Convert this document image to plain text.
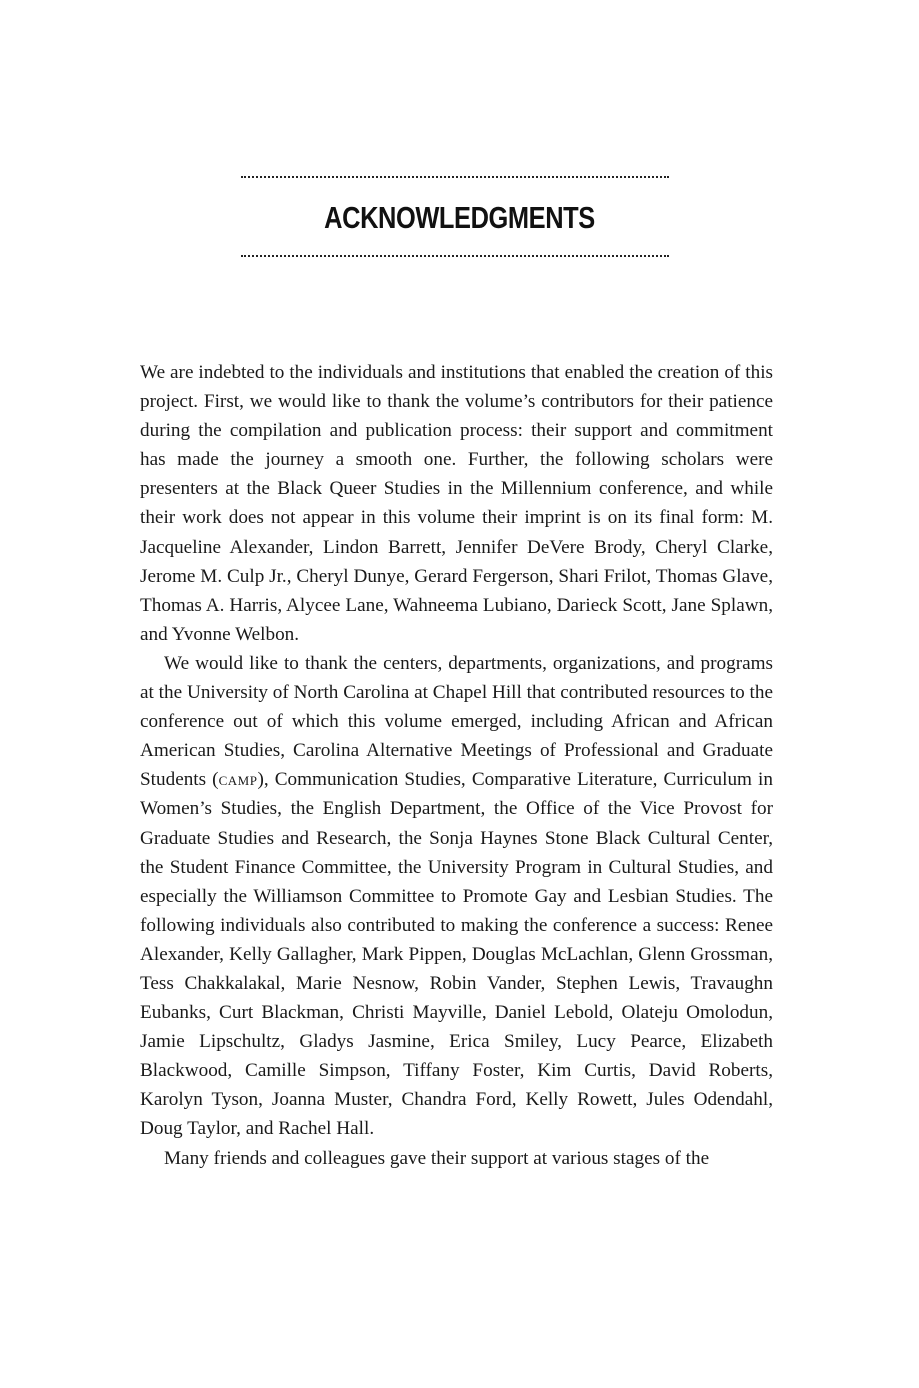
ACKNOWLEDGMENTS

We are indebted to the individuals and institutions that enabled the creation of this project. First, we would like to thank the volume’s contributors for their patience during the compilation and publication process: their support and commitment has made the journey a smooth one. Further, the following scholars were presenters at the Black Queer Studies in the Millennium conference, and while their work does not appear in this volume their imprint is on its final form: M. Jacqueline Alexander, Lindon Barrett, Jennifer DeVere Brody, Cheryl Clarke, Jerome M. Culp Jr., Cheryl Dunye, Gerard Fergerson, Shari Frilot, Thomas Glave, Thomas A. Harris, Alycee Lane, Wahneema Lubiano, Darieck Scott, Jane Splawn, and Yvonne Welbon.

We would like to thank the centers, departments, organizations, and programs at the University of North Carolina at Chapel Hill that contributed resources to the conference out of which this volume emerged, including African and African American Studies, Carolina Alternative Meetings of Professional and Graduate Students (camp), Communication Studies, Comparative Literature, Curriculum in Women’s Studies, the English Department, the Office of the Vice Provost for Graduate Studies and Research, the Sonja Haynes Stone Black Cultural Center, the Student Finance Committee, the University Program in Cultural Studies, and especially the Williamson Committee to Promote Gay and Lesbian Studies. The following individuals also contributed to making the conference a success: Renee Alexander, Kelly Gallagher, Mark Pippen, Douglas McLachlan, Glenn Grossman, Tess Chakkalakal, Marie Nesnow, Robin Vander, Stephen Lewis, Travaughn Eubanks, Curt Blackman, Christi Mayville, Daniel Lebold, Olateju Omolodun, Jamie Lipschultz, Gladys Jasmine, Erica Smiley, Lucy Pearce, Elizabeth Blackwood, Camille Simpson, Tiffany Foster, Kim Curtis, David Roberts, Karolyn Tyson, Joanna Muster, Chandra Ford, Kelly Rowett, Jules Odendahl, Doug Taylor, and Rachel Hall.

Many friends and colleagues gave their support at various stages of the
